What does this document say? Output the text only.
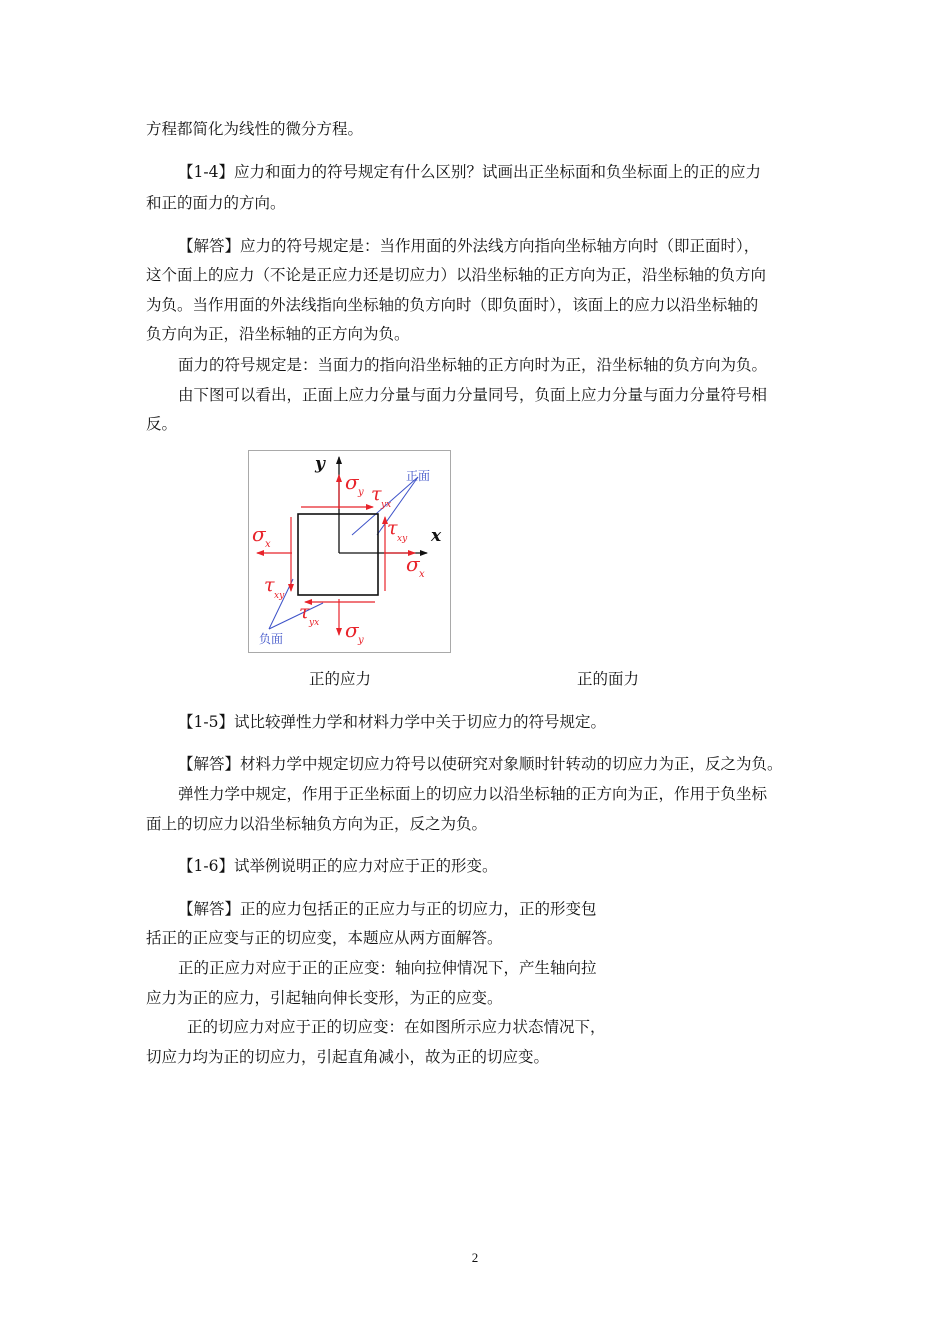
方程都简化为线性的微分方程。
【1-4】应力和面力的符号规定有什么区别？试画出正坐标面和负坐标面上的正的应力
和正的面力的方向。
【解答】应力的符号规定是：当作用面的外法线方向指向坐标轴方向时（即正面时），
这个面上的应力（不论是正应力还是切应力）以沿坐标轴的正方向为正，沿坐标轴的负方向
为负。当作用面的外法线指向坐标轴的负方向时（即负面时），该面上的应力以沿坐标轴的
负方向为正，沿坐标轴的正方向为负。
面力的符号规定是：当面力的指向沿坐标轴的正方向时为正，沿坐标轴的负方向为负。
由下图可以看出，正面上应力分量与面力分量同号，负面上应力分量与面力分量符号相
反。
y
x
σ y
σ x
σ x
σ y
τ yx
τ xy
τ xy
τ yx
正面
负面
正的应力	正的面力
【1-5】试比较弹性力学和材料力学中关于切应力的符号规定。
【解答】材料力学中规定切应力符号以使研究对象顺时针转动的切应力为正，反之为负。
弹性力学中规定，作用于正坐标面上的切应力以沿坐标轴的正方向为正，作用于负坐标
面上的切应力以沿坐标轴负方向为正，反之为负。
【1-6】试举例说明正的应力对应于正的形变。
【解答】正的应力包括正的正应力与正的切应力，正的形变包
括正的正应变与正的切应变，本题应从两方面解答。
正的正应力对应于正的正应变：轴向拉伸情况下，产生轴向拉
应力为正的应力，引起轴向伸长变形，为正的应变。
正的切应力对应于正的切应变：在如图所示应力状态情况下，
切应力均为正的切应力，引起直角减小，故为正的切应变。
2
